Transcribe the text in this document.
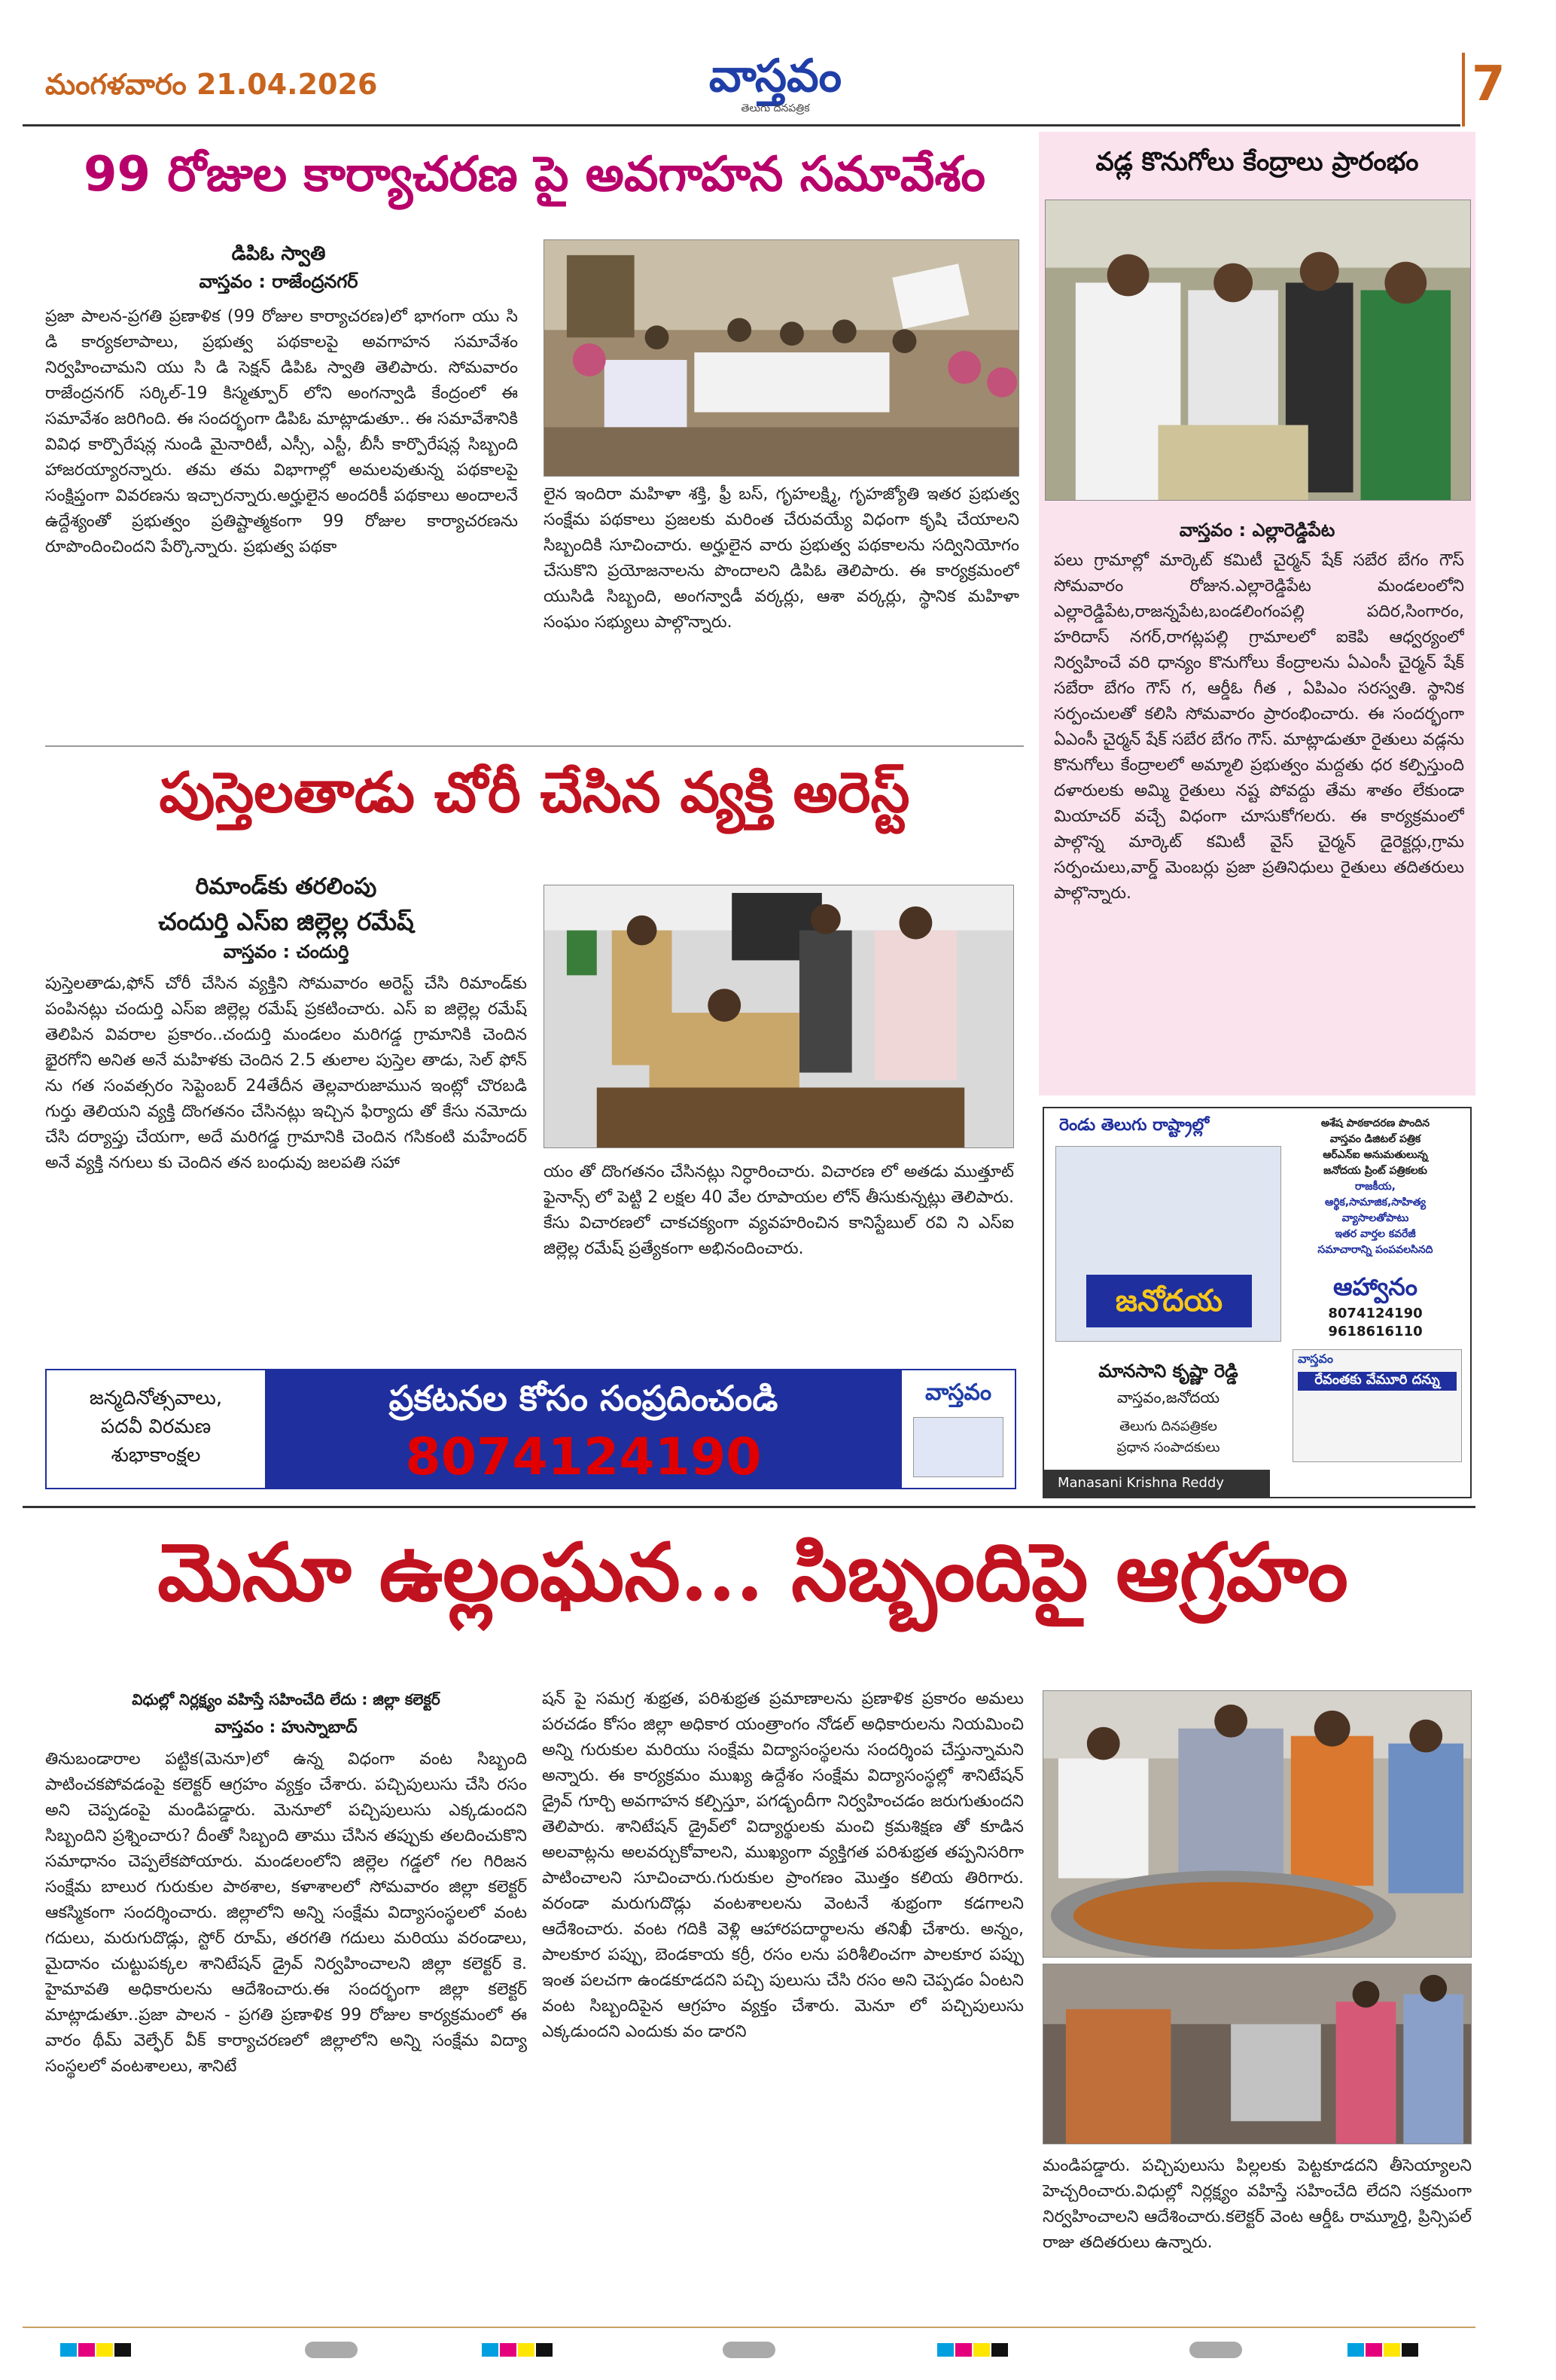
మంగళవారం 21.04.2026	వాస్తవం
తెలుగు దినపత్రిక	7
99 రోజుల కార్యాచరణ పై అవగాహన సమావేశం
డిపిఓ స్వాతి
వాస్తవం : రాజేంద్రనగర్
ప్రజా పాలన-ప్రగతి ప్రణాళిక (99 రోజుల కార్యాచరణ)లో భాగంగా యు సి డి కార్యకలాపాలు, ప్రభుత్వ పథకాలపై అవగాహన సమావేశం నిర్వహించామని యు సి డి సెక్షన్ డిపిఓ స్వాతి తెలిపారు. సోమవారం రాజేంద్రనగర్ సర్కిల్-19 కిస్మత్పూర్ లోని అంగన్వాడి కేంద్రంలో ఈ సమావేశం జరిగింది. ఈ సందర్భంగా డిపిఓ మాట్లాడుతూ.. ఈ సమావేశానికి వివిధ కార్పొరేషన్ల నుండి మైనారిటీ, ఎస్సీ, ఎస్టీ, బీసీ కార్పొరేషన్ల సిబ్బంది హాజరయ్యారన్నారు. తమ తమ విభాగాల్లో అమలవుతున్న పథకాలపై సంక్షిప్తంగా వివరణను ఇచ్చారన్నారు.అర్హులైన అందరికీ పథకాలు అందాలనే ఉద్దేశ్యంతో ప్రభుత్వం ప్రతిష్టాత్మకంగా 99 రోజుల కార్యాచరణను రూపొందించిందని పేర్కొన్నారు. ప్రభుత్వ పథకా
లైన ఇందిరా మహిళా శక్తి, ఫ్రీ బస్, గృహలక్ష్మి, గృహజ్యోతి ఇతర ప్రభుత్వ సంక్షేమ పథకాలు ప్రజలకు మరింత చేరువయ్యే విధంగా కృషి చేయాలని సిబ్బందికి సూచించారు. అర్హులైన వారు ప్రభుత్వ పథకాలను సద్వినియోగం చేసుకొని ప్రయోజనాలను పొందాలని డిపిఓ తెలిపారు. ఈ కార్యక్రమంలో యుసిడి సిబ్బంది, అంగన్వాడీ వర్కర్లు, ఆశా వర్కర్లు, స్థానిక మహిళా సంఘం సభ్యులు పాల్గొన్నారు.
వడ్ల కొనుగోలు కేంద్రాలు ప్రారంభం
వాస్తవం : ఎల్లారెడ్డిపేట
పలు గ్రామాల్లో మార్కెట్ కమిటీ చైర్మన్ షేక్ సబేర బేగం గౌస్ సోమవారం రోజున.ఎల్లారెడ్డిపేట మండలంలోని ఎల్లారెడ్డిపేట,రాజన్నపేట,బండలింగంపల్లి పదిర,సింగారం, హరిదాస్ నగర్,రాగట్లపల్లి గ్రామాలలో ఐకెపి ఆధ్వర్యంలో నిర్వహించే వరి ధాన్యం కొనుగోలు కేంద్రాలను ఏఎంసీ చైర్మన్ షేక్ సబేరా బేగం గౌస్ గ, ఆర్డీఓ గీత , ఏపిఎం సరస్వతి. స్థానిక సర్పంచులతో కలిసి సోమవారం ప్రారంభించారు. ఈ సందర్భంగా ఏఎంసీ చైర్మన్ షేక్ సబేర బేగం గౌస్. మాట్లాడుతూ రైతులు వడ్లను కొనుగోలు కేంద్రాలలో అమ్మాలి ప్రభుత్వం మద్దతు ధర కల్పిస్తుంది దళారులకు అమ్మి రైతులు నష్ట పోవద్దు తేమ శాతం లేకుండా మియాచర్ వచ్చే విధంగా చూసుకోగలరు. ఈ కార్యక్రమంలో పాల్గొన్న మార్కెట్ కమిటీ వైస్ చైర్మన్ డైరెక్టర్లు,గ్రామ సర్పంచులు,వార్డ్ మెంబర్లు ప్రజా ప్రతినిధులు రైతులు తదితరులు పాల్గొన్నారు.
పుస్తెలతాడు చోరీ చేసిన వ్యక్తి అరెస్ట్
రిమాండ్‌కు తరలింపు
చందుర్తి ఎస్ఐ జిల్లెల్ల రమేష్
వాస్తవం : చందుర్తి
పుస్తెలతాడు,ఫోన్ చోరీ చేసిన వ్యక్తిని సోమవారం అరెస్ట్ చేసి రిమాండ్‌కు పంపినట్లు చందుర్తి ఎస్ఐ జిల్లెల్ల రమేష్ ప్రకటించారు. ఎస్ ఐ జిల్లెల్ల రమేష్ తెలిపిన వివరాల ప్రకారం..చందుర్తి మండలం మరిగడ్డ గ్రామానికి చెందిన భైరగోని అనిత అనే మహిళకు చెందిన 2.5 తులాల పుస్తెల తాడు, సెల్ ఫోన్ ను గత సంవత్సరం సెప్టెంబర్ 24తేదీన తెల్లవారుజామున ఇంట్లో చొరబడి గుర్తు తెలియని వ్యక్తి దొంగతనం చేసినట్లు ఇచ్చిన ఫిర్యాదు తో కేసు నమోదు చేసి దర్యాప్తు చేయగా, అదే మరిగడ్డ గ్రామానికి చెందిన గసికంటి మహేందర్ అనే వ్యక్తి నగులు కు చెందిన తన బంధువు జలపతి సహా	యం తో దొంగతనం చేసినట్లు నిర్ధారించారు. విచారణ లో అతడు ముత్తూట్ ఫైనాన్స్ లో పెట్టి 2 లక్షల 40 వేల రూపాయల లోన్ తీసుకున్నట్లు తెలిపారు. కేసు విచారణలో చాకచక్యంగా వ్యవహరించిన కానిస్టేబుల్ రవి ని ఎస్ఐ జిల్లెల్ల రమేష్ ప్రత్యేకంగా అభినందించారు.
జన్మదినోత్సవాలు,
పదవీ విరమణ
శుభాకాంక్షల
ప్రకటనల కోసం సంప్రదించండి
8074124190
వాస్తవం
రెండు తెలుగు రాష్ట్రాల్లో	అశేష పాఠకాదరణ పొందిన
వాస్తవం డిజిటల్ పత్రిక
ఆర్ఎన్ఐ అనుమతులున్న
జనోదయ ప్రింట్ పత్రికలకు
రాజకీయ,
ఆర్థిక,సామాజిక,సాహిత్య
వ్యాసాలతోపాటు
ఇతర వార్తల కవరేజీ
సమాచారాన్ని పంపవలసినది
ఆహ్వానం
8074124190
9618616110
జనోదయ
మానసాని కృష్ణా రెడ్డి
వాస్తవం,జనోదయ
తెలుగు దినపత్రికల
ప్రధాన సంపాదకులు
వాస్తవం
రేవంతకు వేమూరి దన్ను
Manasani Krishna Reddy
మెనూ ఉల్లంఘన... సిబ్బందిపై ఆగ్రహం
విధుల్లో నిర్లక్ష్యం వహిస్తే సహించేది లేదు : జిల్లా కలెక్టర్
వాస్తవం : హుస్నాబాద్
తినుబండారాల పట్టిక(మెనూ)లో ఉన్న విధంగా వంట సిబ్బంది పాటించకపోవడంపై కలెక్టర్ ఆగ్రహం వ్యక్తం చేశారు. పచ్చిపులుసు చేసి రసం అని చెప్పడంపై మండిపడ్డారు. మెనూలో పచ్చిపులుసు ఎక్కడుందని సిబ్బందిని ప్రశ్నించారు? దీంతో సిబ్బంది తాము చేసిన తప్పుకు తలదించుకొని సమాధానం చెప్పలేకపోయారు. మండలంలోని జిల్లెల గడ్డలో గల గిరిజన సంక్షేమ బాలుర గురుకుల పాఠశాల, కళాశాలలో సోమవారం జిల్లా కలెక్టర్ ఆకస్మికంగా సందర్శించారు. జిల్లాలోని అన్ని సంక్షేమ విద్యాసంస్థలలో వంట గదులు, మరుగుదొడ్లు, స్టోర్ రూమ్, తరగతి గదులు మరియు వరండాలు, మైదానం చుట్టుపక్కల శానిటేషన్ డ్రైవ్ నిర్వహించాలని జిల్లా కలెక్టర్ కె. హైమావతి అధికారులను ఆదేశించారు.ఈ సందర్భంగా జిల్లా కలెక్టర్ మాట్లాడుతూ..ప్రజా పాలన - ప్రగతి ప్రణాళిక 99 రోజుల కార్యక్రమంలో ఈ వారం థీమ్ వెల్ఫేర్ వీక్ కార్యాచరణలో జిల్లాలోని అన్ని సంక్షేమ విద్యా సంస్థలలో వంటశాలలు, శానిటే
షన్ పై సమగ్ర శుభ్రత, పరిశుభ్రత ప్రమాణాలను ప్రణాళిక ప్రకారం అమలు పరచడం కోసం జిల్లా అధికార యంత్రాంగం నోడల్ అధికారులను నియమించి అన్ని గురుకుల మరియు సంక్షేమ విద్యాసంస్థలను సందర్శింప చేస్తున్నామని అన్నారు. ఈ కార్యక్రమం ముఖ్య ఉద్దేశం సంక్షేమ విద్యాసంస్థల్లో శానిటేషన్ డ్రైవ్ గూర్చి అవగాహన కల్పిస్తూ, పగడ్బందీగా నిర్వహించడం జరుగుతుందని తెలిపారు. శానిటేషన్ డ్రైవ్‌లో విద్యార్థులకు మంచి క్రమశిక్షణ తో కూడిన అలవాట్లను అలవర్చుకోవాలని, ముఖ్యంగా వ్యక్తిగత పరిశుభ్రత తప్పనిసరిగా పాటించాలని సూచించారు.గురుకుల ప్రాంగణం మొత్తం కలియ తిరిగారు. వరండా మరుగుదొడ్లు వంటశాలలను వెంటనే శుభ్రంగా కడగాలని ఆదేశించారు. వంట గదికి వెళ్లి ఆహారపదార్థాలను తనిఖీ చేశారు. అన్నం, పాలకూర పప్పు, బెండకాయ కర్రీ, రసం లను పరిశీలించగా పాలకూర పప్పు ఇంత పలచగా ఉండకూడదని పచ్చి పులుసు చేసి రసం అని చెప్పడం ఏంటని వంట సిబ్బందిపైన ఆగ్రహం వ్యక్తం చేశారు. మెనూ లో పచ్చిపులుసు ఎక్కడుందని ఎందుకు వం డారని
మండిపడ్డారు. పచ్చిపులుసు పిల్లలకు పెట్టకూడదని తీసెయ్యాలని హెచ్చరించారు.విధుల్లో నిర్లక్ష్యం వహిస్తే సహించేది లేదని సక్రమంగా నిర్వహించాలని ఆదేశించారు.కలెక్టర్ వెంట ఆర్డీఓ రామ్మూర్తి, ప్రిన్సిపల్ రాజు తదితరులు ఉన్నారు.
